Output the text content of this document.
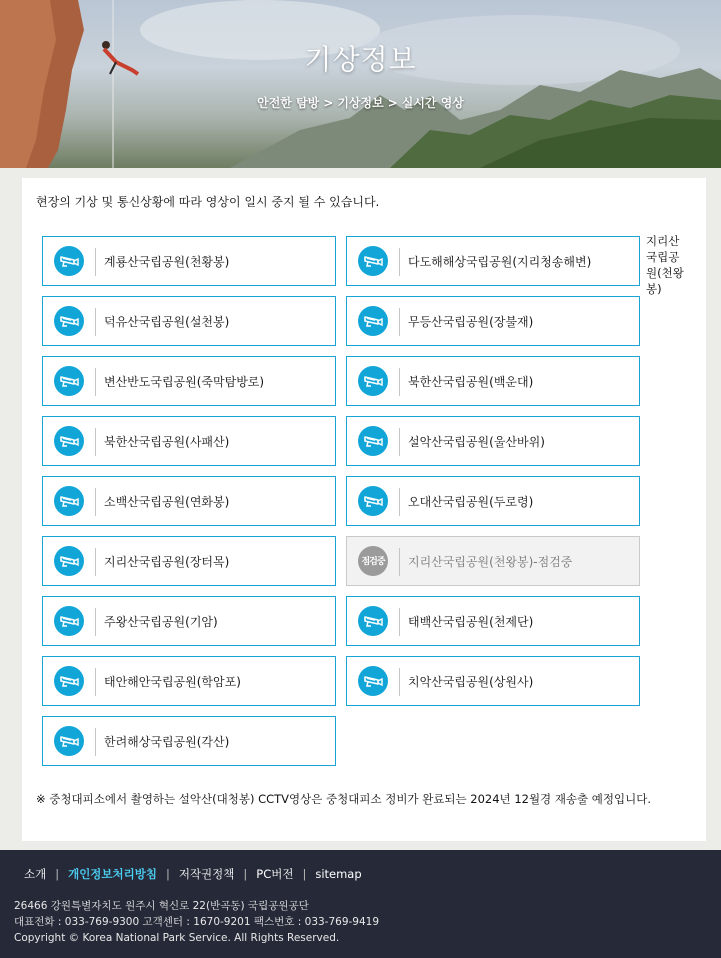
기상정보
안전한 탐방 > 기상정보 > 실시간 영상
현장의 기상 및 통신상황에 따라 영상이 일시 중지 될 수 있습니다.
계룡산국립공원(천황봉)	다도해해상국립공원(지리청송해변)
덕유산국립공원(설천봉)	무등산국립공원(장불재)
변산반도국립공원(죽막탐방로)	북한산국립공원(백운대)
북한산국립공원(사패산)	설악산국립공원(울산바위)
소백산국립공원(연화봉)	오대산국립공원(두로령)
지리산국립공원(장터목)	점검중 지리산국립공원(천왕봉)-점검중
주왕산국립공원(기암)	태백산국립공원(천제단)
태안해안국립공원(학암포)	치악산국립공원(상원사)
한려해상국립공원(각산)
지리산국립공원(천왕봉)
※ 중청대피소에서 촬영하는 설악산(대청봉) CCTV영상은 중청대피소 정비가 완료되는 2024년 12월경 재송출 예정입니다.
소개 | 개인정보처리방침 | 저작권정책 | PC버전 | sitemap
26466 강원특별자치도 원주시 혁신로 22(반곡동) 국립공원공단
대표전화 : 033-769-9300 고객센터 : 1670-9201 팩스번호 : 033-769-9419
Copyright © Korea National Park Service. All Rights Reserved.
